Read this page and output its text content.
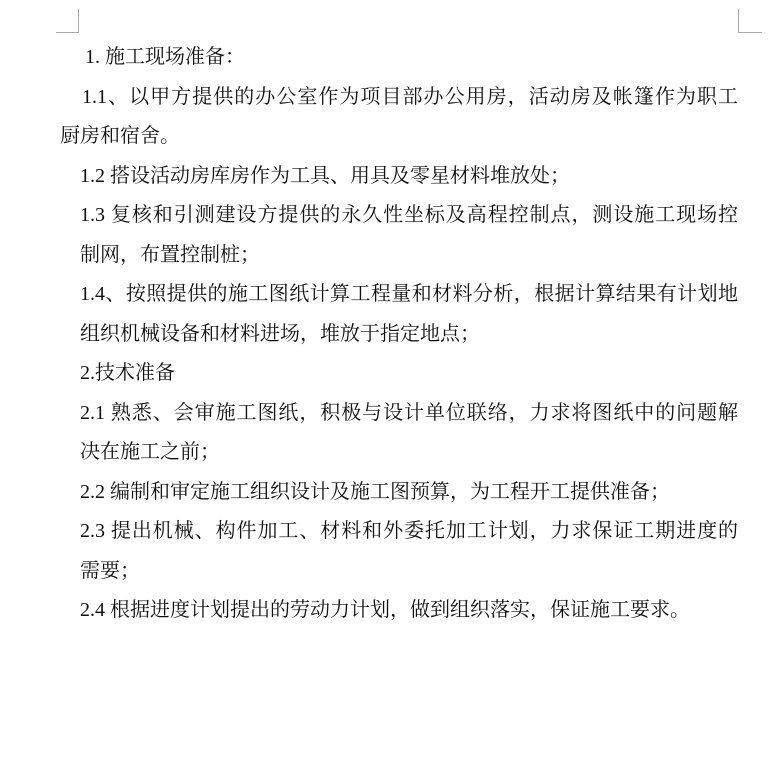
1. 施工现场准备：
1.1、以甲方提供的办公室作为项目部办公用房，活动房及帐篷作为职工
厨房和宿舍。
1.2 搭设活动房库房作为工具、用具及零星材料堆放处；
1.3 复核和引测建设方提供的永久性坐标及高程控制点，测设施工现场控
制网，布置控制桩；
1.4、按照提供的施工图纸计算工程量和材料分析，根据计算结果有计划地
组织机械设备和材料进场，堆放于指定地点；
2.技术准备
2.1 熟悉、会审施工图纸，积极与设计单位联络，力求将图纸中的问题解
决在施工之前；
2.2 编制和审定施工组织设计及施工图预算，为工程开工提供准备；
2.3 提出机械、构件加工、材料和外委托加工计划，力求保证工期进度的
需要；
2.4 根据进度计划提出的劳动力计划，做到组织落实，保证施工要求。
